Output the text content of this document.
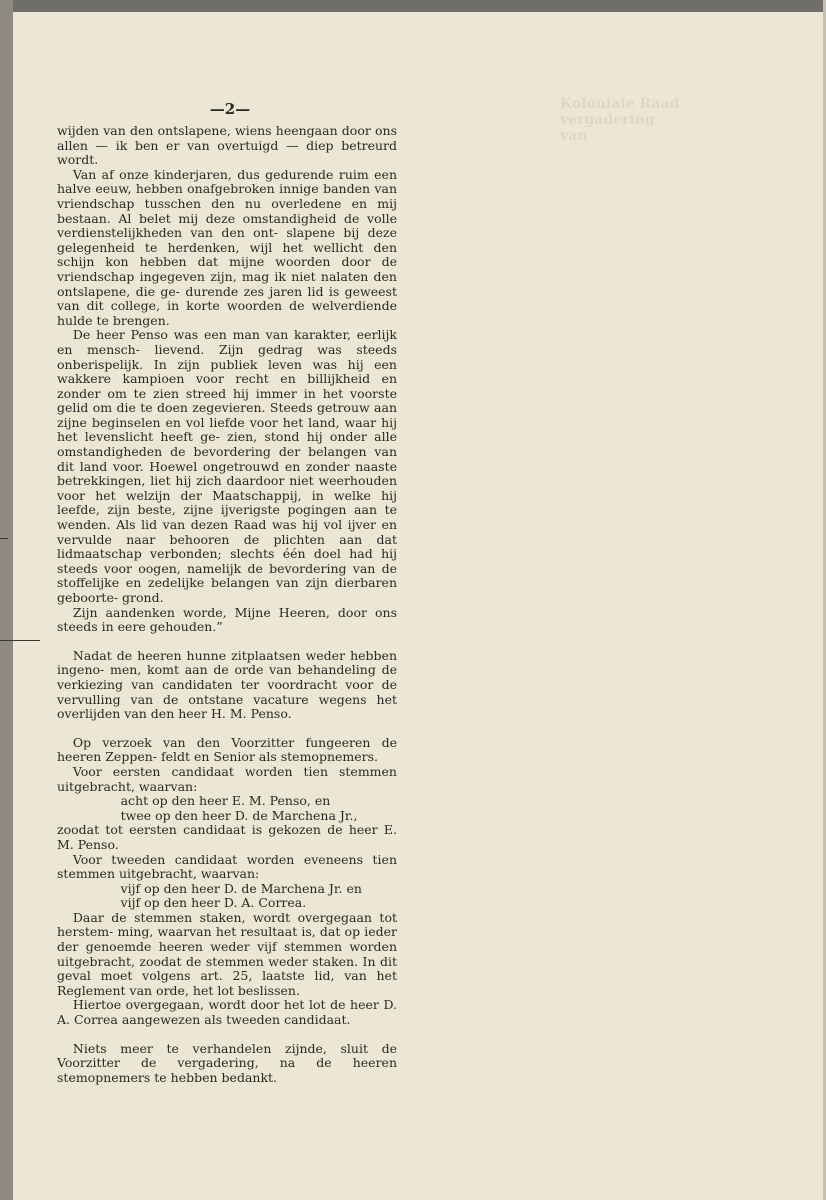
Koloniale Raad
vergadering van
—2—

wijden van den ontslapene, wiens heengaan door ons allen — ik ben er van overtuigd — diep betreurd wordt.

Van af onze kinderjaren, dus gedurende ruim een halve eeuw, hebben onafgebroken innige banden van vriendschap tusschen den nu overledene en mij bestaan. Al belet mij deze omstandigheid de volle verdienstelijkheden van den ont- slapene bij deze gelegenheid te herdenken, wijl het wellicht den schijn kon hebben dat mijne woorden door de vriendschap ingegeven zijn, mag ik niet nalaten den ontslapene, die ge- durende zes jaren lid is geweest van dit college, in korte woorden de welverdiende hulde te brengen.

De heer Penso was een man van karakter, eerlijk en mensch- lievend. Zijn gedrag was steeds onberispelijk. In zijn publiek leven was hij een wakkere kampioen voor recht en billijkheid en zonder om te zien streed hij immer in het voorste gelid om die te doen zegevieren. Steeds getrouw aan zijne beginselen en vol liefde voor het land, waar hij het levenslicht heeft ge- zien, stond hij onder alle omstandigheden de bevordering der belangen van dit land voor. Hoewel ongetrouwd en zonder naaste betrekkingen, liet hij zich daardoor niet weerhouden voor het welzijn der Maatschappij, in welke hij leefde, zijn beste, zijne ijverigste pogingen aan te wenden. Als lid van dezen Raad was hij vol ijver en vervulde naar behooren de plichten aan dat lidmaatschap verbonden; slechts één doel had hij steeds voor oogen, namelijk de bevordering van de stoffelijke en zedelijke belangen van zijn dierbaren geboorte- grond.

Zijn aandenken worde, Mijne Heeren, door ons steeds in eere gehouden.”

Nadat de heeren hunne zitplaatsen weder hebben ingeno- men, komt aan de orde van behandeling de verkiezing van candidaten ter voordracht voor de vervulling van de ontstane vacature wegens het overlijden van den heer H. M. Penso.

Op verzoek van den Voorzitter fungeeren de heeren Zeppen- feldt en Senior als stemopnemers.

Voor eersten candidaat worden tien stemmen uitgebracht, waarvan:

acht op den heer E. M. Penso, en

twee op den heer D. de Marchena Jr.,

zoodat tot eersten candidaat is gekozen de heer E. M. Penso.

Voor tweeden candidaat worden eveneens tien stemmen uitgebracht, waarvan:

vijf op den heer D. de Marchena Jr. en

vijf op den heer D. A. Correa.

Daar de stemmen staken, wordt overgegaan tot herstem- ming, waarvan het resultaat is, dat op ieder der genoemde heeren weder vijf stemmen worden uitgebracht, zoodat de stemmen weder staken. In dit geval moet volgens art. 25, laatste lid, van het Reglement van orde, het lot beslissen.

Hiertoe overgegaan, wordt door het lot de heer D. A. Correa aangewezen als tweeden candidaat.

Niets meer te verhandelen zijnde, sluit de Voorzitter de vergadering, na de heeren stemopnemers te hebben bedankt.
